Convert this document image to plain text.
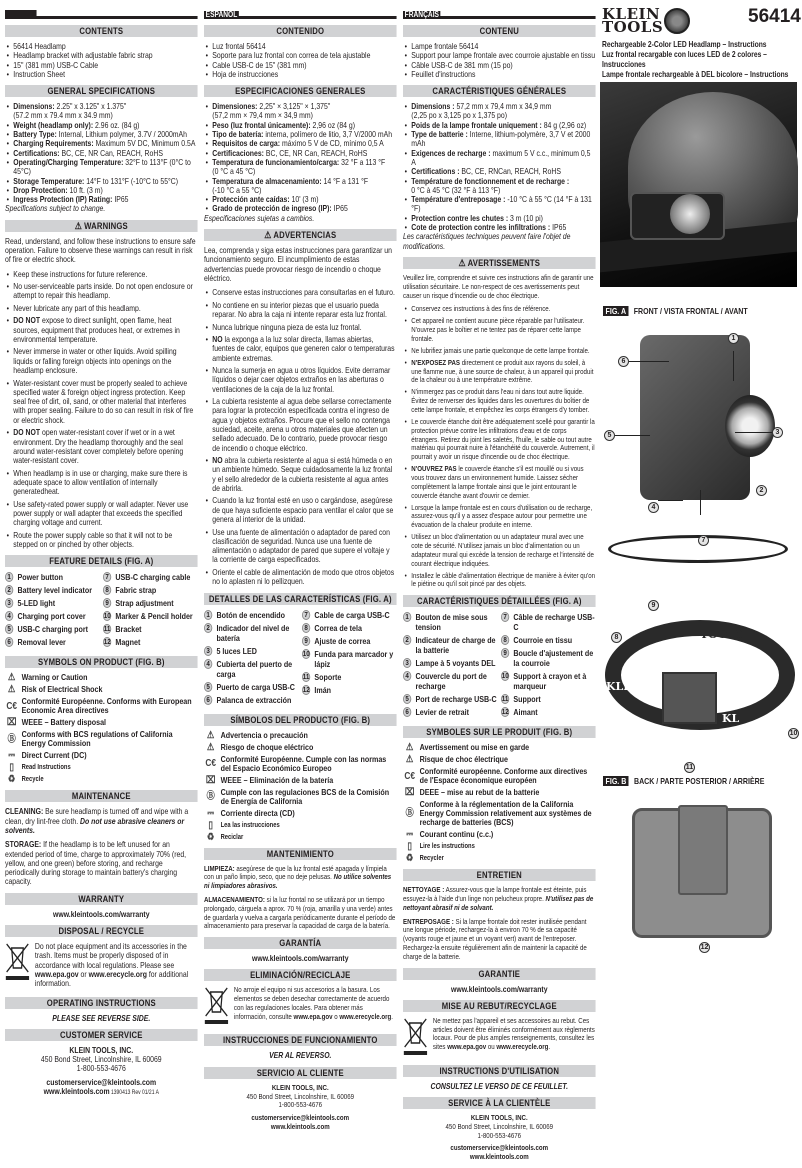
CONTENTS
• 56414 Headlamp
• Headlamp bracket with adjustable fabric strap
• 15" (381 mm) USB-C Cable
• Instruction Sheet
GENERAL SPECIFICATIONS
• Dimensions: 2.25" x 3.125" x 1.375"
(57.2 mm x 79.4 mm x 34.9 mm)
• Weight (headlamp only): 2.96 oz. (84 g)
• Battery Type: Internal, Lithium polymer, 3.7V / 2000mAh
• Charging Requirements: Maximum 5V DC, Minimum 0.5A
• Certifications: BC, CE, NR Can, REACH, RoHS
• Operating/Charging Temperature: 32°F to 113°F (0°C to 45°C)
• Storage Temperature: 14°F to 131°F (-10°C to 55°C)
• Drop Protection: 10 ft. (3 m)
• Ingress Protection (IP) Rating: IP65
Specifications subject to change.
⚠ WARNINGS

Read, understand, and follow these instructions to ensure safe operation. Failure to observe these warnings can result in risk of fire or electric shock.

• Keep these instructions for future reference.
• No user-serviceable parts inside. Do not open enclosure or attempt to repair this headlamp.
• Never lubricate any part of this headlamp.
• DO NOT expose to direct sunlight, open flame, heat sources, equipment that produces heat, or extremes in environmental temperature.
• Never immerse in water or other liquids. Avoid spilling liquids or falling foreign objects into openings on the headlamp enclosure.
• Water-resistant cover must be properly sealed to achieve specified water & foreign object ingress protection. Keep seal free of dirt, oil, sand, or other material that interferes with proper sealing. Failure to do so can result in risk of fire or electric shock.
• DO NOT open water-resistant cover if wet or in a wet environment. Dry the headlamp thoroughly and the seal around water-resistant cover completely before opening water-resistant cover.
• When headlamp is in use or charging, make sure there is adequate space to allow ventilation of internally generatedheat.
• Use safety-rated power supply or wall adapter. Never use power supply or wall adapter that exceeds the specified charging voltage and current.
• Route the power supply cable so that it will not to be stepped on or pinched by other objects.
FEATURE DETAILS (FIG. A)
1 Power button
2 Battery level indicator
3 5-LED light
4 Charging port cover
5 USB-C charging port
6 Removal lever
7 USB-C charging cable
8 Fabric strap
9 Strap adjustment
10 Marker & Pencil holder
11 Bracket
12 Magnet
SYMBOLS ON PRODUCT (FIG. B)
⚠ Warning or Caution
⚠ Risk of Electrical Shock
C€ Conformité Européenne. Conforms with European Economic Area directives
⌧ WEEE – Battery disposal
Ⓑ Conforms with BCS regulations of California Energy Commission
⎓ Direct Current (DC)
▯	Read Instructions
♻ Recycle
MAINTENANCE

CLEANING: Be sure headlamp is turned off and wipe with a clean, dry lint-free cloth. Do not use abrasive cleaners or solvents.

STORAGE: If the headlamp is to be left unused for an extended period of time, charge to approximately 70% (red, yellow, and one green) before storing, and recharge periodically during storage to maintain battery's charging capacity.

WARRANTY
www.kleintools.com/warranty
DISPOSAL / RECYCLE
Do not place equipment and its accessories in the trash. Items must be properly disposed of in accordance with local regulations. Please see www.epa.gov or www.erecycle.org for additional information.
OPERATING INSTRUCTIONS
PLEASE SEE REVERSE SIDE.
CUSTOMER SERVICE
KLEIN TOOLS, INC.
450 Bond Street, Lincolnshire, IL 60069
1-800-553-4676
customerservice@kleintools.com
www.kleintools.com 1390413 Rev 01/21 A
ESPAÑOL
CONTENIDO
• Luz frontal 56414
• Soporte para luz frontal con correa de tela ajustable
• Cable USB-C de 15" (381 mm)
• Hoja de instrucciones
ESPECIFICACIONES GENERALES
• Dimensiones: 2,25" × 3,125" × 1,375"
(57,2 mm × 79,4 mm × 34,9 mm)
• Peso (luz frontal únicamente): 2,96 oz (84 g)
• Tipo de batería: interna, polímero de litio, 3,7 V/2000 mAh
• Requisitos de carga: máximo 5 V de CD, mínimo 0,5 A
• Certificaciones: BC, CE, NR Can, REACH, RoHS
• Temperatura de funcionamiento/carga: 32 °F a 113 °F
(0 °C a 45 °C)
• Temperatura de almacenamiento: 14 °F a 131 °F
(-10 °C a 55 °C)
• Protección ante caídas: 10' (3 m)
• Grado de protección de ingreso (IP): IP65
Especificaciones sujetas a cambios.
⚠ ADVERTENCIAS

Lea, comprenda y siga estas instrucciones para garantizar un funcionamiento seguro. El incumplimiento de estas advertencias puede provocar riesgo de incendio o choque eléctrico.

• Conserve estas instrucciones para consultarlas en el futuro.
• No contiene en su interior piezas que el usuario pueda reparar. No abra la caja ni intente reparar esta luz frontal.
• Nunca lubrique ninguna pieza de esta luz frontal.
• NO la exponga a la luz solar directa, llamas abiertas, fuentes de calor, equipos que generen calor o temperaturas ambiente extremas.
• Nunca la sumerja en agua u otros líquidos. Evite derramar líquidos o dejar caer objetos extraños en las aberturas o ventilaciones de la caja de la luz frontal.
• La cubierta resistente al agua debe sellarse correctamente para lograr la protección especificada contra el ingreso de agua y objetos extraños. Procure que el sello no contenga suciedad, aceite, arena u otros materiales que afecten un sellado adecuado. De lo contrario, puede provocar riesgo de incendio o choque eléctrico.
• NO abra la cubierta resistente al agua si está húmeda o en un ambiente húmedo. Seque cuidadosamente la luz frontal y el sello alrededor de la cubierta resistente al agua antes de abrirla.
• Cuando la luz frontal esté en uso o cargándose, asegúrese de que haya suficiente espacio para ventilar el calor que se genera al interior de la unidad.
• Use una fuente de alimentación o adaptador de pared con clasificación de seguridad. Nunca use una fuente de alimentación o adaptador de pared que supere el voltaje y la corriente de carga especificados.
• Oriente el cable de alimentación de modo que otros objetos no lo aplasten ni lo pellizquen.
DETALLES DE LAS CARACTERÍSTICAS (FIG. A)
1 Botón de encendido
2 Indicador del nivel de batería
3 5 luces LED
4 Cubierta del puerto de carga
5 Puerto de carga USB-C
6 Palanca de extracción
7 Cable de carga USB-C
8 Correa de tela
9 Ajuste de correa
10 Funda para marcador y lápiz
11 Soporte
12 Imán
SÍMBOLOS DEL PRODUCTO (FIG. B)
⚠ Advertencia o precaución
⚠ Riesgo de choque eléctrico
C€ Conformité Européenne. Cumple con las normas del Espacio Económico Europeo
⌧ WEEE – Eliminación de la batería
Ⓑ Cumple con las regulaciones BCS de la Comisión de Energía de California
⎓ Corriente directa (CD)
▯	Lea las instrucciones
♻ Reciclar
MANTENIMIENTO

LIMPIEZA: asegúrese de que la luz frontal esté apagada y límpiela con un paño limpio, seco, que no deje pelusas. No utilice solventes ni limpiadores abrasivos.

ALMACENAMIENTO: si la luz frontal no se utilizará por un tiempo prolongado, cárguela a aprox. 70 % (roja, amarilla y una verde) antes de guardarla y vuelva a cargarla periódicamente durante el período de almacenamiento para preservar la capacidad de carga de la batería.

GARANTÍA
www.kleintools.com/warranty
ELIMINACIÓN/RECICLAJE
No arroje el equipo ni sus accesorios a la basura. Los elementos se deben desechar correctamente de acuerdo con las regulaciones locales. Para obtener más información, consulte www.epa.gov o www.erecycle.org.
INSTRUCCIONES DE FUNCIONAMIENTO
VER AL REVERSO.
SERVICIO AL CLIENTE
KLEIN TOOLS, INC.
450 Bond Street, Lincolnshire, IL 60069
1-800-553-4676
customerservice@kleintools.com
www.kleintools.com
FRANÇAIS
CONTENU
• Lampe frontale 56414
• Support pour lampe frontale avec courroie ajustable en tissu
• Câble USB-C de 381 mm (15 po)
• Feuillet d'instructions
CARACTÉRISTIQUES GÉNÉRALES
• Dimensions : 57,2 mm x 79,4 mm x 34,9 mm
(2,25 po x 3,125 po x 1,375 po)
• Poids de la lampe frontale uniquement : 84 g (2,96 oz)
• Type de batterie : Interne, lithium-polymère, 3,7 V et 2000 mAh
• Exigences de recharge : maximum 5 V c.c., minimum 0,5 A
• Certifications : BC, CE, RNCan, REACH, RoHS
• Température de fonctionnement et de recharge :
0 °C à 45 °C (32 °F à 113 °F)
• Température d'entreposage : -10 °C à 55 °C (14 °F à 131 °F)
• Protection contre les chutes : 3 m (10 pi)
• Cote de protection contre les infiltrations : IP65
Les caractéristiques techniques peuvent faire l'objet de modifications.
⚠ AVERTISSEMENTS

Veuillez lire, comprendre et suivre ces instructions afin de garantir une utilisation sécuritaire. Le non-respect de ces avertissements peut causer un risque d'incendie ou de choc électrique.

• Conservez ces instructions à des fins de référence.
• Cet appareil ne contient aucune pièce réparable par l'utilisateur. N'ouvrez pas le boîtier et ne tentez pas de réparer cette lampe frontale.
• Ne lubrifiez jamais une partie quelconque de cette lampe frontale.
• N'EXPOSEZ PAS directement ce produit aux rayons du soleil, à une flamme nue, à une source de chaleur, à un appareil qui produit de la chaleur ou à une température extrême.
• N'immergez pas ce produit dans l'eau ni dans tout autre liquide. Évitez de renverser des liquides dans les ouvertures du boîtier de cette lampe frontale, et empêchez les corps étrangers d'y tomber.
• Le couvercle étanche doit être adéquatement scellé pour garantir la protection prévue contre les infiltrations d'eau et de corps étrangers. Retirez du joint les saletés, l'huile, le sable ou tout autre matériau qui pourrait nuire à l'étanchéité du couvercle. Autrement, il pourrait y avoir un risque d'incendie ou de choc électrique.
• N'OUVREZ PAS le couvercle étanche s'il est mouillé ou si vous vous trouvez dans un environnement humide. Laissez sécher complètement la lampe frontale ainsi que le joint entourant le couvercle étanche avant d'ouvrir ce dernier.
• Lorsque la lampe frontale est en cours d'utilisation ou de recharge, assurez-vous qu'il y a assez d'espace autour pour permettre une évacuation de la chaleur produite en interne.
• Utilisez un bloc d'alimentation ou un adaptateur mural avec une cote de sécurité. N'utilisez jamais un bloc d'alimentation ou un adaptateur mural qui excède la tension de recharge et l'intensité de courant électrique indiquées.
• Installez le câble d'alimentation électrique de manière à éviter qu'on le piétine ou qu'il soit pincé par des objets.
CARACTÉRISTIQUES DÉTAILLÉES (FIG. A)
1 Bouton de mise sous tension
2 Indicateur de charge de la batterie
3 Lampe à 5 voyants DEL
4 Couvercle du port de recharge
5 Port de recharge USB-C
6 Levier de retrait
7 Câble de recharge USB-C
8 Courroie en tissu
9 Boucle d'ajustement de la courroie
10 Support à crayon et à marqueur
11 Support
12 Aimant
SYMBOLES SUR LE PRODUIT (FIG. B)
⚠ Avertissement ou mise en garde
⚠ Risque de choc électrique
C€ Conformité européenne. Conforme aux directives de l'Espace économique européen
⌧ DEEE – mise au rebut de la batterie
Ⓑ
Conforme à la réglementation de la California Energy Commission relativement aux systèmes de recharge de batteries (BCS)
⎓ Courant continu (c.c.)
▯	Lire les instructions
♻ Recycler
ENTRETIEN

NETTOYAGE : Assurez-vous que la lampe frontale est éteinte, puis essuyez-la à l'aide d'un linge non pelucheux propre. N'utilisez pas de nettoyant abrasif ni de solvant.

ENTREPOSAGE : Si la lampe frontale doit rester inutilisée pendant une longue période, rechargez-la à environ 70 % de sa capacité (voyants rouge et jaune et un voyant vert) avant de l'entreposer. Rechargez-la ensuite régulièrement afin de maintenir la capacité de charge de la batterie.

GARANTIE
www.kleintools.com/warranty
MISE AU REBUT/RECYCLAGE
Ne mettez pas l'appareil et ses accessoires au rebut. Ces articles doivent être éliminés conformément aux règlements locaux. Pour de plus amples renseignements, consultez les sites www.epa.gov ou www.erecycle.org.
INSTRUCTIONS D'UTILISATION
CONSULTEZ LE VERSO DE CE FEUILLET.
SERVICE À LA CLIENTÈLE
KLEIN TOOLS, INC.
450 Bond Street, Lincolnshire, IL 60069
1-800-553-4676
customerservice@kleintools.com
www.kleintools.com
KLEIN
TOOLS	56414
Rechargeable 2-Color LED Headlamp – Instructions
Luz frontal recargable con luces LED de 2 colores – Instrucciones
Lampe frontale rechargeable à DEL bicolore – Instructions
FIG. A FRONT / VISTA FRONTAL / AVANT
TOOLS
KLEIN
KL
FIG. B BACK / PARTE POSTERIOR / ARRIÈRE
1
2
3
4
5
6
7
8
9
10
11
12
